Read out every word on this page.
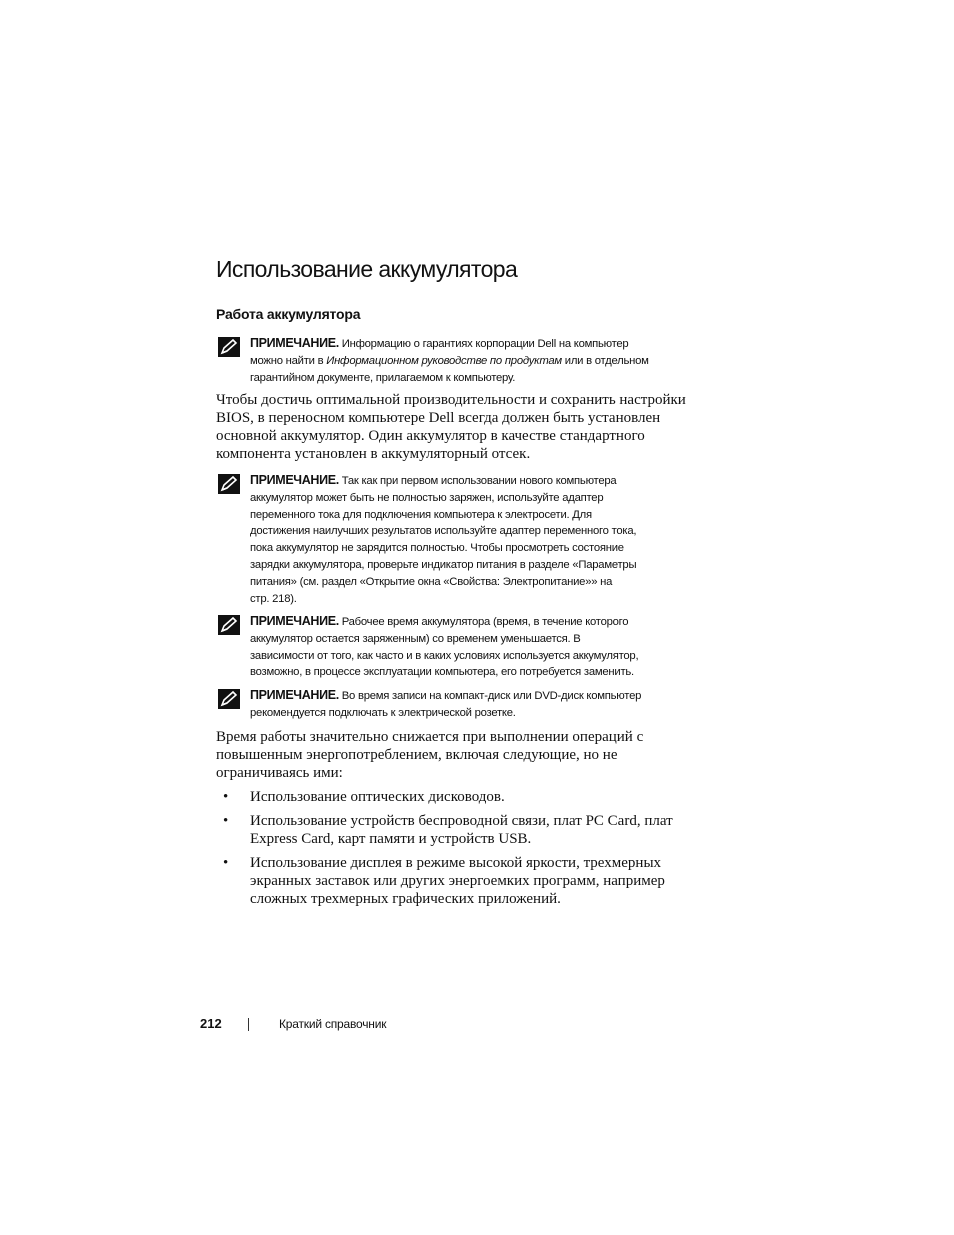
Использование аккумулятора
Работа аккумулятора
ПРИМЕЧАНИЕ. Информацию о гарантиях корпорации Dell на компьютер
можно найти в Информационном руководстве по продуктам или в отдельном
гарантийном документе, прилагаемом к компьютеру.
Чтобы достичь оптимальной производительности и сохранить настройки
BIOS, в переносном компьютере Dell всегда должен быть установлен
основной аккумулятор. Один аккумулятор в качестве стандартного
компонента установлен в аккумуляторный отсек.
ПРИМЕЧАНИЕ. Так как при первом использовании нового компьютера
аккумулятор может быть не полностью заряжен, используйте адаптер
переменного тока для подключения компьютера к электросети. Для
достижения наилучших результатов используйте адаптер переменного тока,
пока аккумулятор не зарядится полностью. Чтобы просмотреть состояние
зарядки аккумулятора, проверьте индикатор питания в разделе «Параметры
питания» (см. раздел «Открытие окна «Свойства: Электропитание»» на
стр. 218).
ПРИМЕЧАНИЕ. Рабочее время аккумулятора (время, в течение которого
аккумулятор остается заряженным) со временем уменьшается. В
зависимости от того, как часто и в каких условиях используется аккумулятор,
возможно, в процессе эксплуатации компьютера, его потребуется заменить.
ПРИМЕЧАНИЕ. Во время записи на компакт-диск или DVD-диск компьютер
рекомендуется подключать к электрической розетке.
Время работы значительно снижается при выполнении операций с
повышенным энергопотреблением, включая следующие, но не
ограничиваясь ими:
• Использование оптических дисководов.
• Использование устройств беспроводной связи, плат PC Card, плат
Express Card, карт памяти и устройств USB.
• Использование дисплея в режиме высокой яркости, трехмерных
экранных заставок или других энергоемких программ, например
сложных трехмерных графических приложений.
212	Краткий справочник
